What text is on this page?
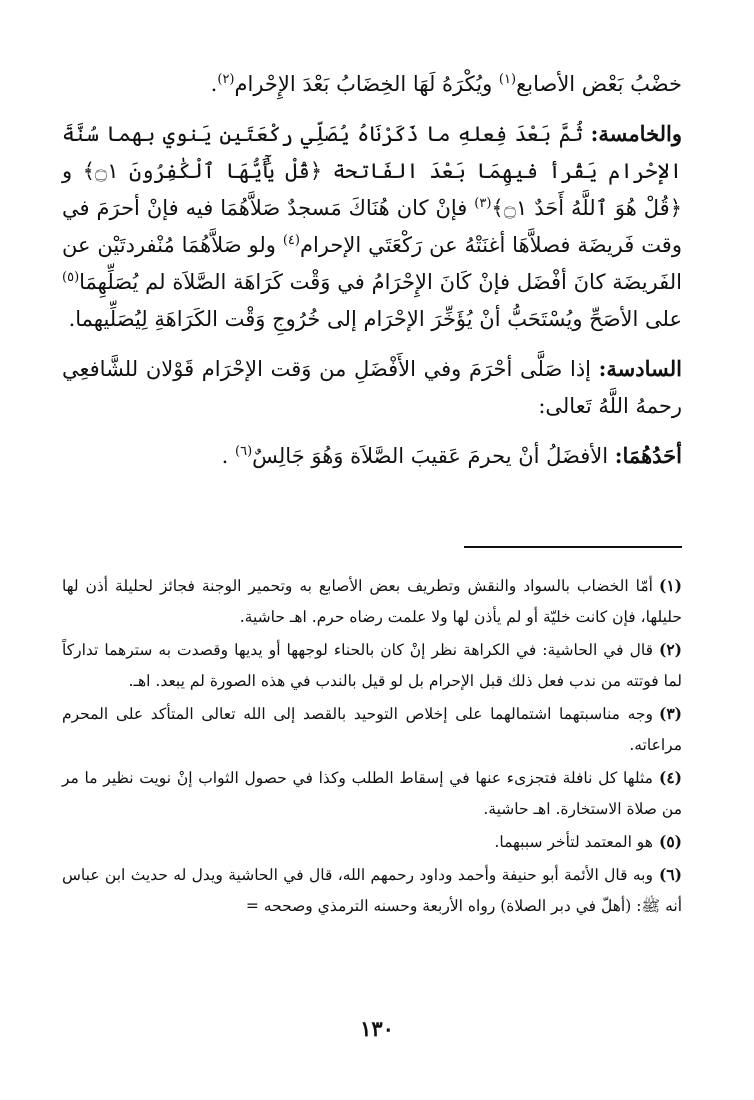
خضْبُ بَعْض الأصابع$^{(١)}$ ويُكْرَهُ لَهَا الخِضَابُ بَعْدَ الإِحْرام$^{(٢)}$.

والخامسة: ثُمَّ بَعْدَ فِعلهِ ما ذَكَرْنَاهُ يُصَلِّي ركْعَتَين يَنوي بهما سُنَّةَ الإحْرام يَقْرأ فيهِمَا بَعْدَ الفَاتحة ﴿قُلْ يَٰٓأَيُّهَا ٱلْكَٰفِرُونَ ۝١﴾ و ﴿قُلْ هُوَ ٱللَّهُ أَحَدٌ ۝١﴾$^{(٣)}$ فإنْ كان هُنَاكَ مَسجدٌ صَلاَّهُمَا فيه فإنْ أحرَمَ في وقت فَريضَة فصلاَّهَا أغنَتْهُ عن رَكْعَتَي الإحرام$^{(٤)}$ ولو صَلاَّهُمَا مُنْفردتَيْن عن الفَريضَة كانَ أفْضَل فإنْ كَانَ الإِحْرَامُ في وَقْت كَرَاهَة الصَّلاَة لم يُصَلِّهِمَا$^{(٥)}$ على الأصَحِّ ويُسْتَحَبُّ أنْ يُؤَخِّرَ الإحْرَام إلى خُرُوجِ وَقْت الكَرَاهَةِ لِيُصَلِّيهما.

السادسة: إذا صَلَّى أحْرَمَ وفي الأَفْضَلِ من وَقت الإحْرَام قَوْلان للشَّافعِي رحمهُ اللَّهُ تَعالى:

أحَدُهُمَا: الأفضَلُ أنْ يحرمَ عَقيبَ الصَّلاَة وَهُوَ جَالِسٌ$^{(٦)}$ .

(١)أمّا الخضاب بالسواد والنقش وتطريف بعض الأصابع به وتحمير الوجنة فجائز لحليلة أذن لها حليلها، فإن كانت خليّة أو لم يأذن لها ولا علمت رضاه حرم. اهـ حاشية.

(٢)قال في الحاشية: في الكراهة نظر إنْ كان بالحناء لوجهها أو يديها وقصدت به سترهما تداركاً لما فوتته من ندب فعل ذلك قبل الإحرام بل لو قيل بالندب في هذه الصورة لم يبعد. اهـ.

(٣)وجه مناسبتهما اشتمالهما على إخلاص التوحيد بالقصد إلى الله تعالى المتأكد على المحرم مراعاته.

(٤)مثلها كل نافلة فتجزىء عنها في إسقاط الطلب وكذا في حصول الثواب إنْ نويت نظير ما مر من صلاة الاستخارة. اهـ حاشية.

(٥)هو المعتمد لتأخر سببهما.

(٦)وبه قال الأئمة أبو حنيفة وأحمد وداود رحمهم الله، قال في الحاشية ويدل له حديث ابن عباس أنه ﷺ: (أهلّ في دبر الصلاة) رواه الأربعة وحسنه الترمذي وصححه =

١٣٠
